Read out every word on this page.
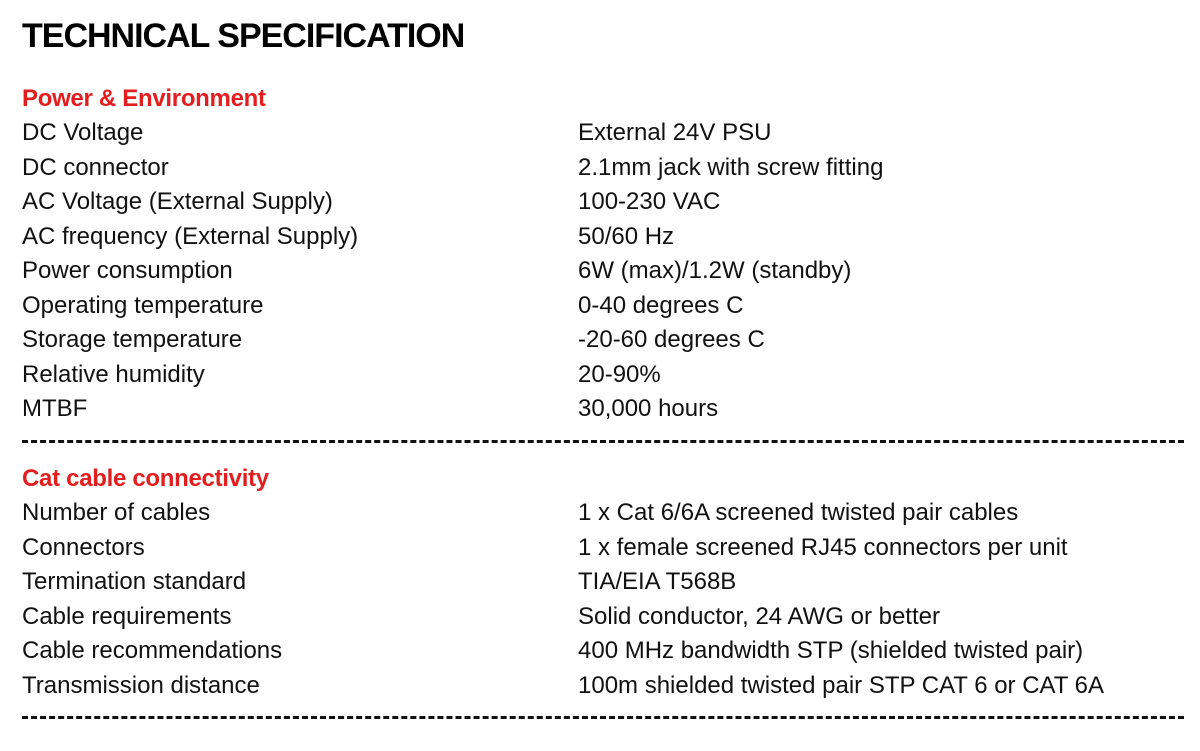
TECHNICAL SPECIFICATION
Power & Environment
DC Voltage	External 24V PSU
DC connector	2.1mm jack with screw fitting
AC Voltage (External Supply)	100-230 VAC
AC frequency (External Supply)	50/60 Hz
Power consumption	6W (max)/1.2W (standby)
Operating temperature	0-40 degrees C
Storage temperature	-20-60 degrees C
Relative humidity	20-90%
MTBF	30,000 hours
Cat cable connectivity
Number of cables	1 x Cat 6/6A screened twisted pair cables
Connectors	1 x female screened RJ45 connectors per unit
Termination standard	TIA/EIA T568B
Cable requirements	Solid conductor, 24 AWG or better
Cable recommendations	400 MHz bandwidth STP (shielded twisted pair)
Transmission distance	100m shielded twisted pair STP CAT 6 or CAT 6A
